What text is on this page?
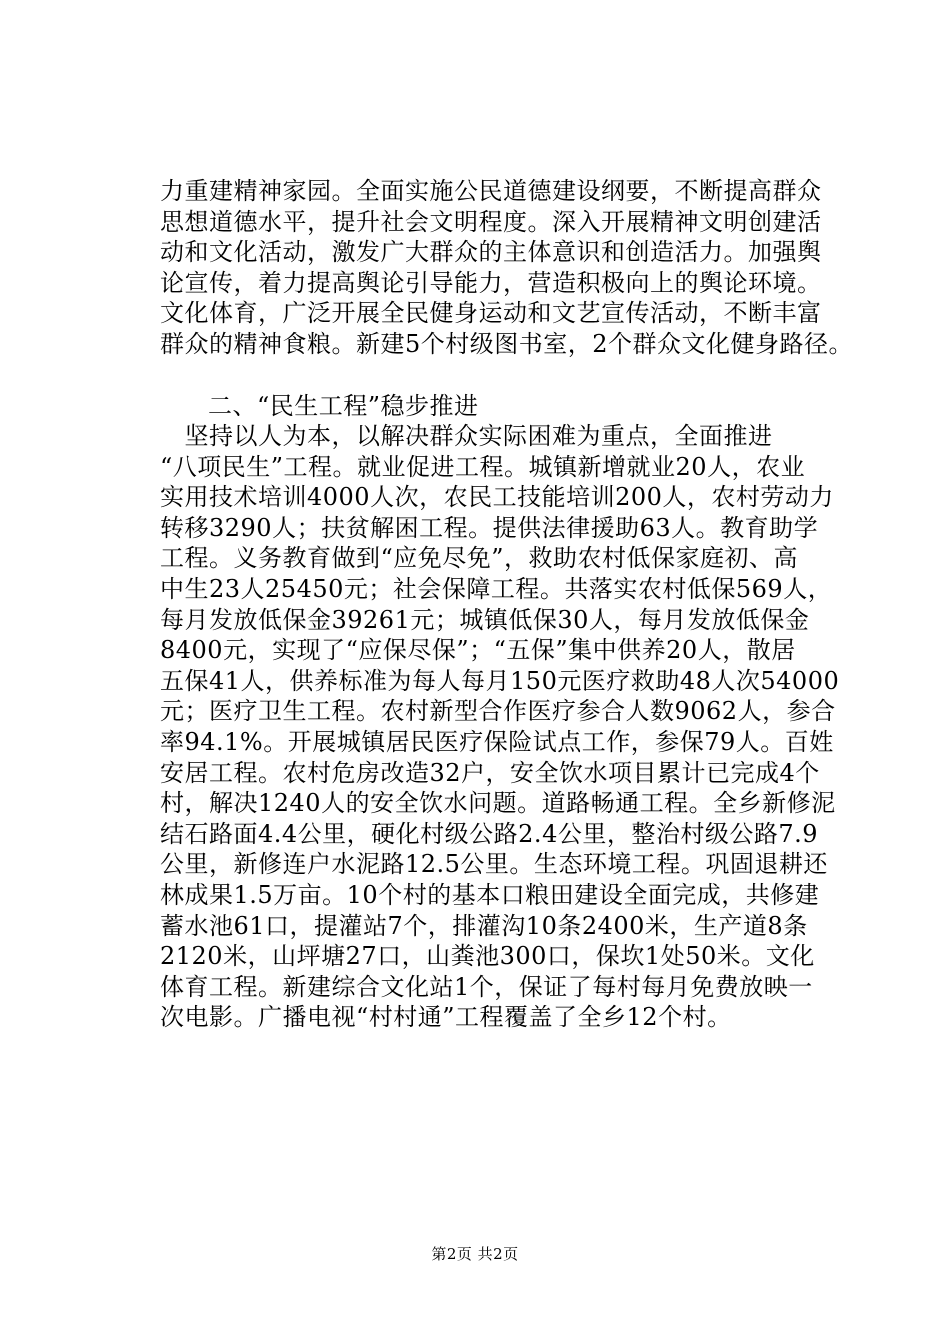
力重建精神家园。全面实施公民道德建设纲要，不断提高群众
思想道德水平，提升社会文明程度。深入开展精神文明创建活
动和文化活动，激发广大群众的主体意识和创造活力。加强舆
论宣传，着力提高舆论引导能力，营造积极向上的舆论环境。
文化体育，广泛开展全民健身运动和文艺宣传活动，不断丰富
群众的精神食粮。新建5个村级图书室，2个群众文化健身路径。
二、“民生工程”稳步推进
　坚持以人为本，以解决群众实际困难为重点，全面推进
“八项民生”工程。就业促进工程。城镇新增就业20人，农业
实用技术培训4000人次，农民工技能培训200人，农村劳动力
转移3290人；扶贫解困工程。提供法律援助63人。教育助学
工程。义务教育做到“应免尽免”，救助农村低保家庭初、高
中生23人25450元；社会保障工程。共落实农村低保569人，
每月发放低保金39261元；城镇低保30人，每月发放低保金
8400元，实现了“应保尽保”；“五保”集中供养20人，散居
五保41人，供养标准为每人每月150元医疗救助48人次54000
元；医疗卫生工程。农村新型合作医疗参合人数9062人，参合
率94.1%。开展城镇居民医疗保险试点工作，参保79人。百姓
安居工程。农村危房改造32户，安全饮水项目累计已完成4个
村，解决1240人的安全饮水问题。道路畅通工程。全乡新修泥
结石路面4.4公里，硬化村级公路2.4公里，整治村级公路7.9
公里，新修连户水泥路12.5公里。生态环境工程。巩固退耕还
林成果1.5万亩。10个村的基本口粮田建设全面完成，共修建
蓄水池61口，提灌站7个，排灌沟10条2400米，生产道8条
2120米，山坪塘27口，山粪池300口，保坎1处50米。文化
体育工程。新建综合文化站1个，保证了每村每月免费放映一
次电影。广播电视“村村通”工程覆盖了全乡12个村。
第2页 共2页
